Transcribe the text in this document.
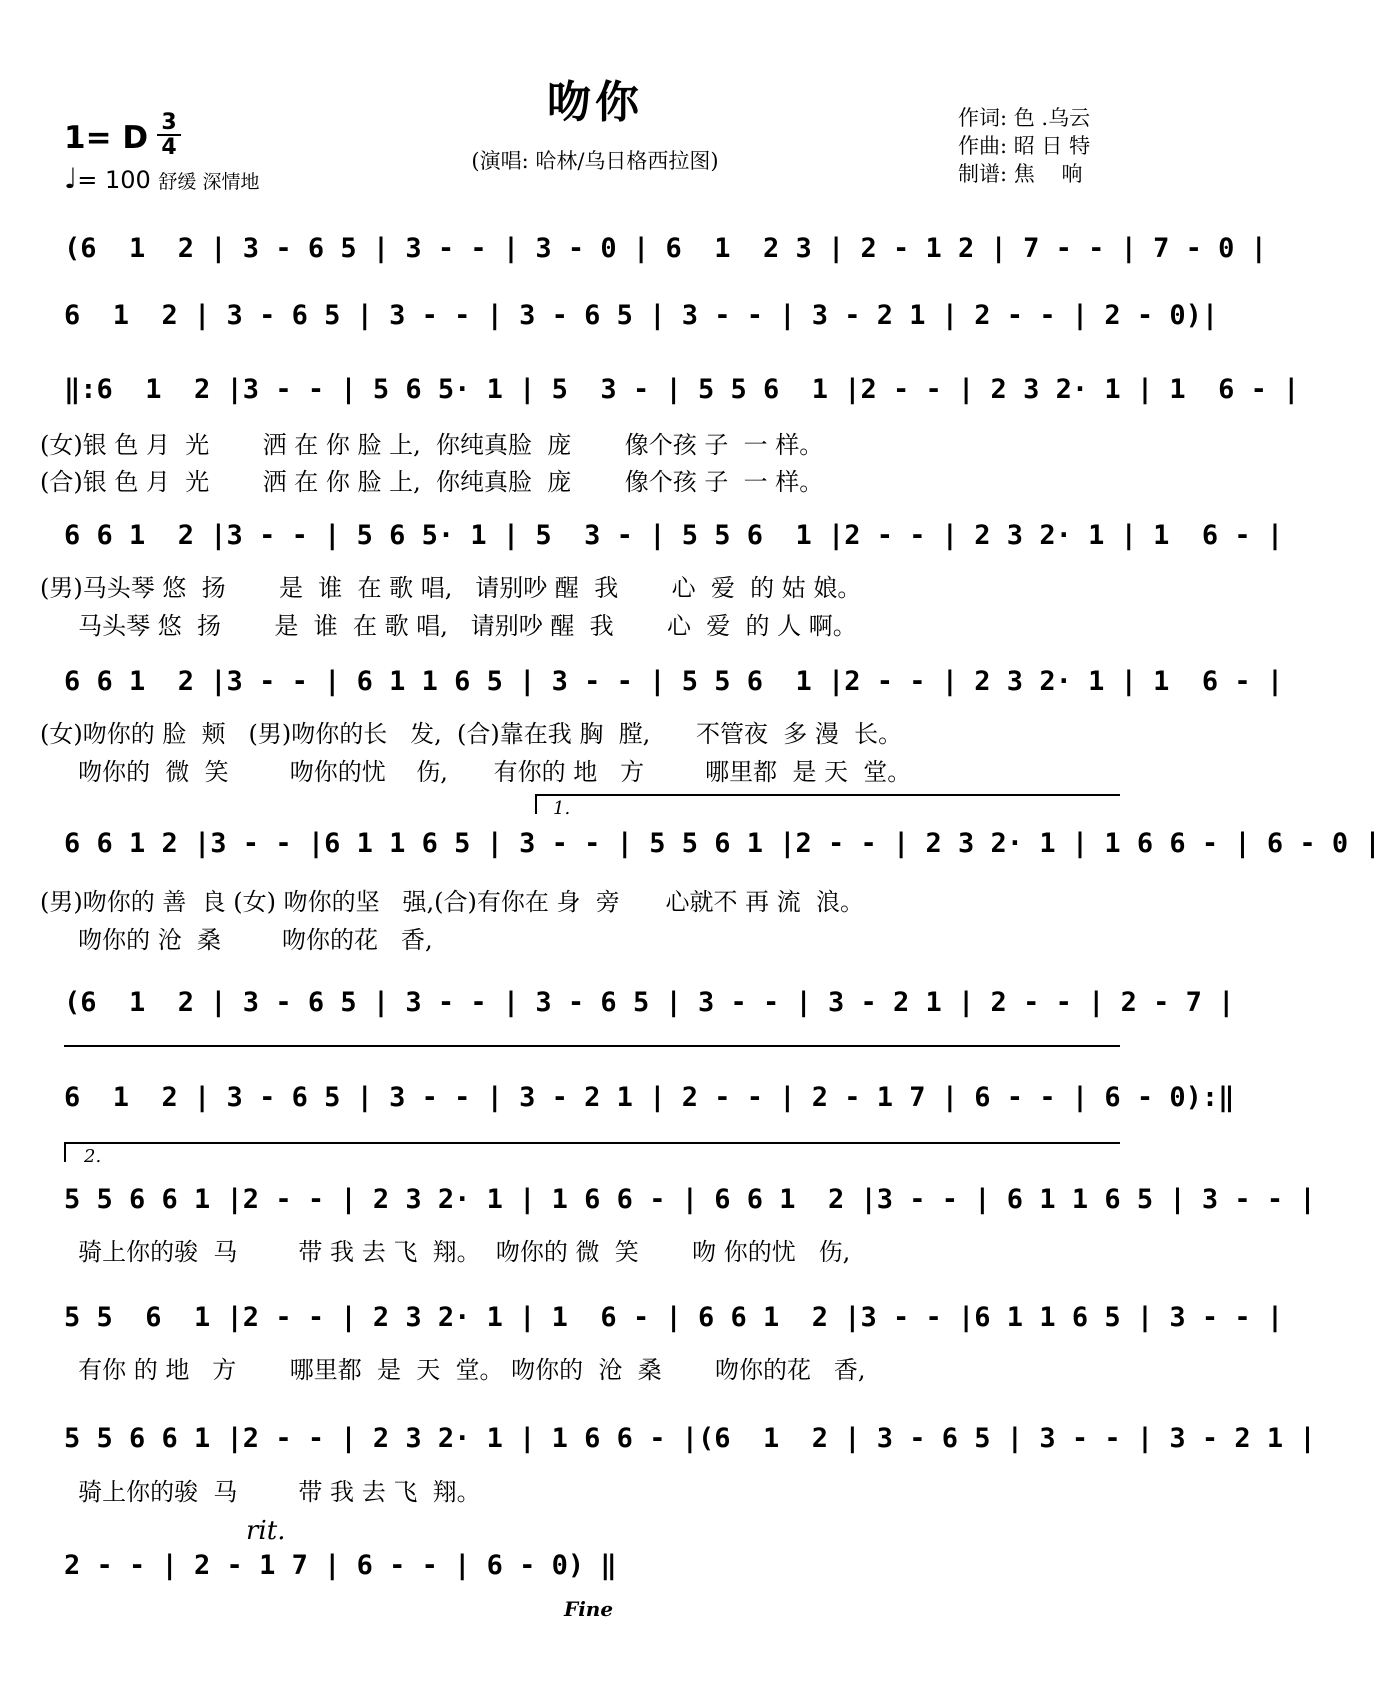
吻你
(演唱: 哈林/乌日格西拉图)
作词: 色 .乌云
作曲: 昭 日 特
制谱: 焦    响
1= D 3
4
♩= 100 舒缓 深情地
(6  1  2 | 3 - 6 5 | 3 - - | 3 - 0 | 6  1  2 3 | 2 - 1 2 | 7 - - | 7 - 0 |
6  1  2 | 3 - 6 5 | 3 - - | 3 - 6 5 | 3 - - | 3 - 2 1 | 2 - - | 2 - 0)|
‖:6  1  2 |3 - - | 5 6 5· 1 | 5  3 - | 5 5 6  1 |2 - - | 2 3 2· 1 | 1  6 - |
(女)银 色 月  光       洒 在 你 脸 上,  你纯真脸  庞       像个孩 子  一 样。
(合)银 色 月  光       洒 在 你 脸 上,  你纯真脸  庞       像个孩 子  一 样。
6 6 1  2 |3 - - | 5 6 5· 1 | 5  3 - | 5 5 6  1 |2 - - | 2 3 2· 1 | 1  6 - |
(男)马头琴 悠  扬       是  谁  在 歌 唱,   请别吵 醒  我       心  爱  的 姑 娘。
马头琴 悠  扬       是  谁  在 歌 唱,   请别吵 醒  我       心  爱  的 人 啊。
6 6 1  2 |3 - - | 6 1 1 6 5 | 3 - - | 5 5 6  1 |2 - - | 2 3 2· 1 | 1  6 - |
(女)吻你的 脸  颊   (男)吻你的长   发,  (合)靠在我 胸  膛,      不管夜  多 漫  长。
吻你的  微  笑        吻你的忧    伤,      有你的 地   方        哪里都  是 天  堂。
1.
6 6 1 2 |3 - - |6 1 1 6 5 | 3 - - | 5 5 6 1 |2 - - | 2 3 2· 1 | 1 6 6 - | 6 - 0 |
(男)吻你的 善  良 (女) 吻你的坚   强,(合)有你在 身  旁      心就不 再 流  浪。
吻你的 沧  桑        吻你的花   香,
(6  1  2 | 3 - 6 5 | 3 - - | 3 - 6 5 | 3 - - | 3 - 2 1 | 2 - - | 2 - 7 |
6  1  2 | 3 - 6 5 | 3 - - | 3 - 2 1 | 2 - - | 2 - 1 7 | 6 - - | 6 - 0):‖
2.
5 5 6 6 1 |2 - - | 2 3 2· 1 | 1 6 6 - | 6 6 1  2 |3 - - | 6 1 1 6 5 | 3 - - |
骑上你的骏  马        带 我 去 飞  翔。  吻你的 微  笑       吻 你的忧   伤,
5 5  6  1 |2 - - | 2 3 2· 1 | 1  6 - | 6 6 1  2 |3 - - |6 1 1 6 5 | 3 - - |
有你 的 地   方       哪里都  是  天  堂。 吻你的  沧  桑       吻你的花   香,
5 5 6 6 1 |2 - - | 2 3 2· 1 | 1 6 6 - |(6  1  2 | 3 - 6 5 | 3 - - | 3 - 2 1 |
骑上你的骏  马        带 我 去 飞  翔。
rit.
2 - - | 2 - 1 7 | 6 - - | 6 - 0) ‖
Fine
